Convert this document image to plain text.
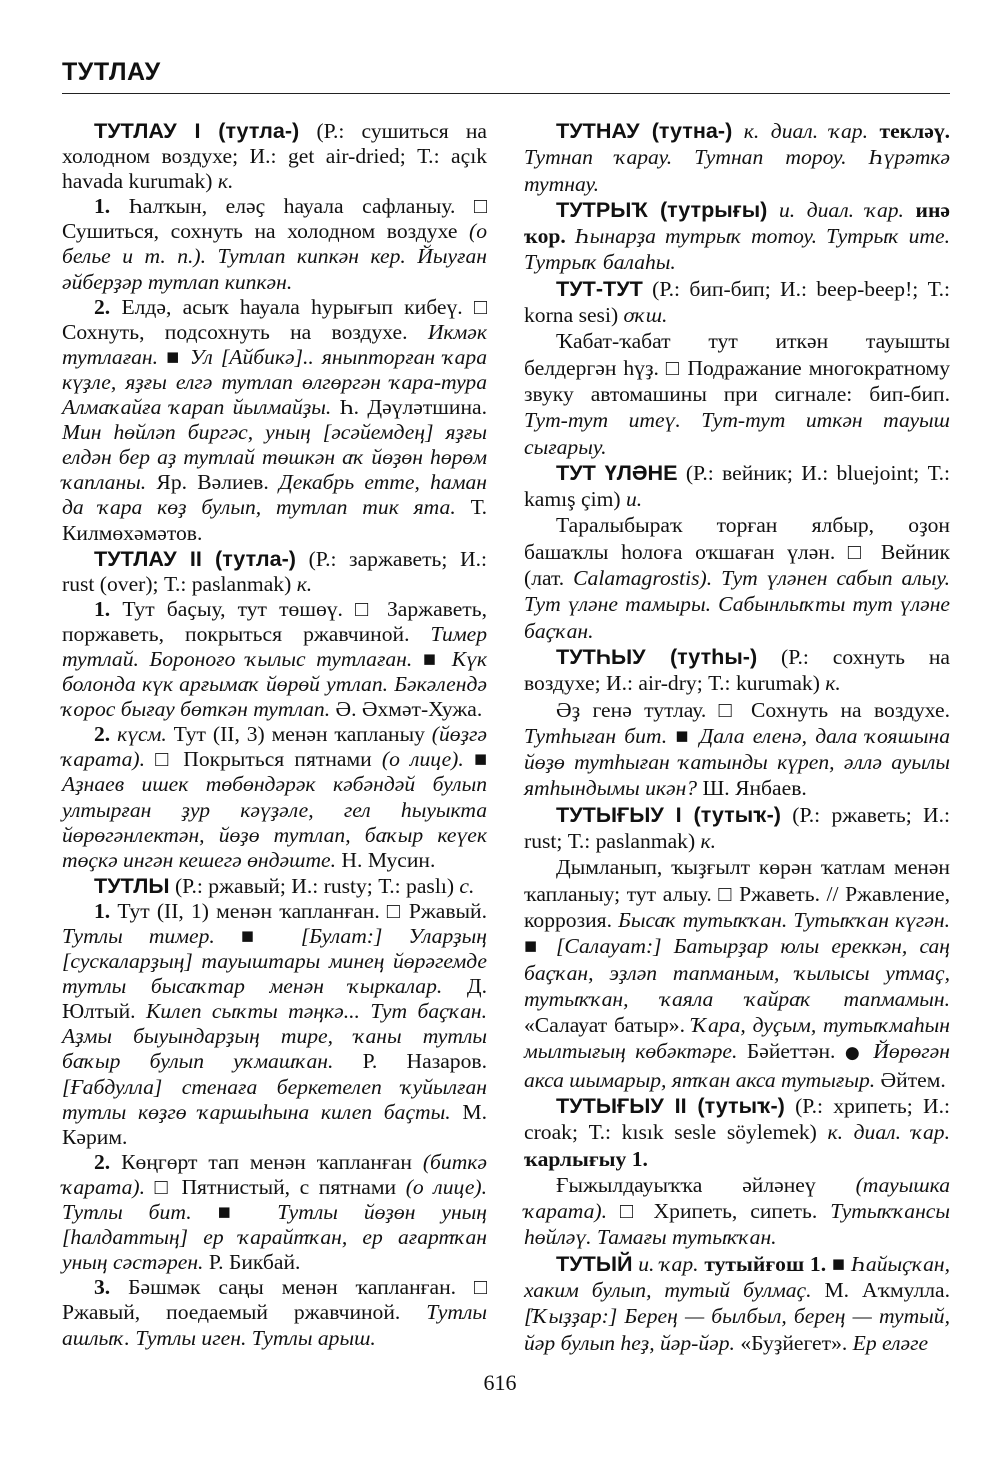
ТУТЛАУ

ТУТЛАУ I (тутла-) (Р.: сушиться на холодном воздухе; И.: get air-dried; Т.: açık havada kurumak) к.

1. Һалҡын, еләҫ һауала сафланыу. □ Сушиться, сохнуть на холодном воздухе (о белье и т. п.). Тутлап кипкән кер. Йыуған әйберҙәр тутлап кипкән.

2. Елдә, асыҡ һауала һурығып кибеү. □ Сохнуть, подсохнуть на воздухе. Икмәк тутлаған. ■ Ул [Айбикә].. яныпторған ҡара күҙле, яҙғы елгә тутлап өлгөргән ҡара-тура Алмаҡайға ҡарап йылмайҙы. Һ. Дәүләтшина. Мин һөйләп биргәс, уның [әсәйемдең] яҙғы елдән бер аҙ тутлай төшкән аҡ йөҙөн һөрөм ҡапланы. Яр. Вәлиев. Декабрь етте, һаман да ҡара көҙ булып, тутлап тик ята. Т. Килмөхәмәтов.

ТУТЛАУ II (тутла-) (Р.: заржаветь; И.: rust (over); Т.: paslanmak) к.

1. Тут баҫыу, тут төшөү. □ Заржаветь, поржаветь, покрыться ржавчиной. Тимер тутлай. Бороноғо ҡылыс тутлаған. ■ Күк болонда күк арғымаҡ йөрөй утлап. Бәкәлендә ҡорос бығау бөткән тутлап. Ә. Әхмәт-Хужа.

2. күсм. Тут (II, 3) менән ҡапланыу (йөҙгә ҡарата). □ Покрыться пятнами (о лице). ■ Аҙнаев ишек төбөндәрәк кәбәндәй булып ултырған ҙур кәүҙәле, гел һыуыкта йөрөгәнлектән, йөҙө тутлап, баҡыр кеүек төҫкә ингән кешегә өндәште. Н. Мусин.

ТУТЛЫ (Р.: ржавый; И.: rusty; Т.: paslı) с.

1. Тут (II, 1) менән ҡапланған. □ Ржавый. Тутлы тимер. ■ [Булат:] Уларҙың [сускаларҙың] тауыштары минең йөрәгемде тутлы бысаҡтар менән ҡыркалар. Д. Юлтый. Килеп сыҡты тәңкә... Тут баҫҡан. Аҙмы быуындарҙың тире, ҡаны тутлы баҡыр булып уҡмашҡан. Р. Назаров. [Ғабдулла] стенаға беркетелеп ҡуйылған тутлы көҙгө ҡаршыһына килеп баҫты. М. Кәрим.

2. Көңгөрт тап менән ҡапланған (биткә ҡарата). □ Пятнистый, с пятнами (о лице). Тутлы бит. ■ Тутлы йөҙөн уның [һалдаттың] ер ҡарайтҡан, ер ағартҡан уның сәстәрен. Р. Бикбай.

3. Бәшмәк саңы менән ҡапланған. □ Ржавый, поедаемый ржавчиной. Тутлы ашлыҡ. Тутлы иген. Тутлы арыш.

ТУТНАУ (тутна-) к. диал. ҡар. текләү. Тутнап ҡарау. Тутнап тороу. Һүрәткә тутнау.

ТУТРЫҠ (тутрығы) и. диал. ҡар. инә ҡор. Һынарҙа тутрыҡ тотоу. Тутрыҡ ите. Тутрыҡ балаһы.

ТУТ-ТУТ (Р.: бип-бип; И.: beep-beep!; Т.: korna sesi) оҡш.

Ҡабат-ҡабат тут иткән тауышты белдергән һүҙ. □ Подражание многократному звуку автомашины при сигнале: бип-бип. Тут-тут итеү. Тут-тут иткән тауыш сығарыу.

ТУТ ҮЛӘНЕ (Р.: вейник; И.: bluejoint; Т.: kamış çim) и.

Таралыбыраҡ торған ялбыр, оҙон башаҡлы һолоға оҡшаған үлән. □ Вейник (лат. Calamagrostis). Тут үләнен сабып алыу. Тут үләне тамыры. Сабынлыҡты тут үләне баҫҡан.

ТУТҺЫУ (тутһы-) (Р.: сохнуть на воздухе; И.: air-dry; Т.: kurumak) к.

Әҙ генә тутлау. □ Сохнуть на воздухе. Тутһыған бит. ■ Дала еленә, дала ҡояшына йөҙө тутһыған ҡатынды күреп, әллә ауылы ятһындымы икән? Ш. Янбаев.

ТУТЫҒЫУ I (тутыҡ-) (Р.: ржаветь; И.: rust; Т.: paslanmak) к.

Дымланып, ҡыҙғылт көрән ҡатлам менән ҡапланыу; тут алыу. □ Ржаветь. // Ржавление, коррозия. Бысаҡ тутыҡҡан. Тутыҡҡан күгән. ■ [Салауат:] Батырҙар юлы ереккән, саң баҫҡан, эҙләп тапманым, ҡылысы утмаҫ, тутыҡҡан, ҡаяла ҡайраҡ тапмамын. «Салауат батыр». Ҡара, дуҫым, тутыҡмаһын мылтығың көбәктәре. Бәйеттән. ● Йөрөгән акса шымарыр, ятҡан акса тутығыр. Әйтем.

ТУТЫҒЫУ II (тутыҡ-) (Р.: хрипеть; И.: croak; Т.: kısık sesle söylemek) к. диал. ҡар. ҡарлығыу 1.

Ғыжылдауыҡҡа әйләнеү (тауышка ҡарата). □ Хрипеть, сипеть. Тутыҡҡансы һөйләү. Тамағы тутыҡҡан.

ТУТЫЙ и. ҡар. тутыйғош 1. ■ Һайыҫҡан, хаким булып, тутый булмаҫ. М. Аҡмулла. [Ҡыҙҙар:] Берең — былбыл, берең — тутый, йәр булып һеҙ, йәр-йәр. «Буҙйегет». Ер еләге

616
